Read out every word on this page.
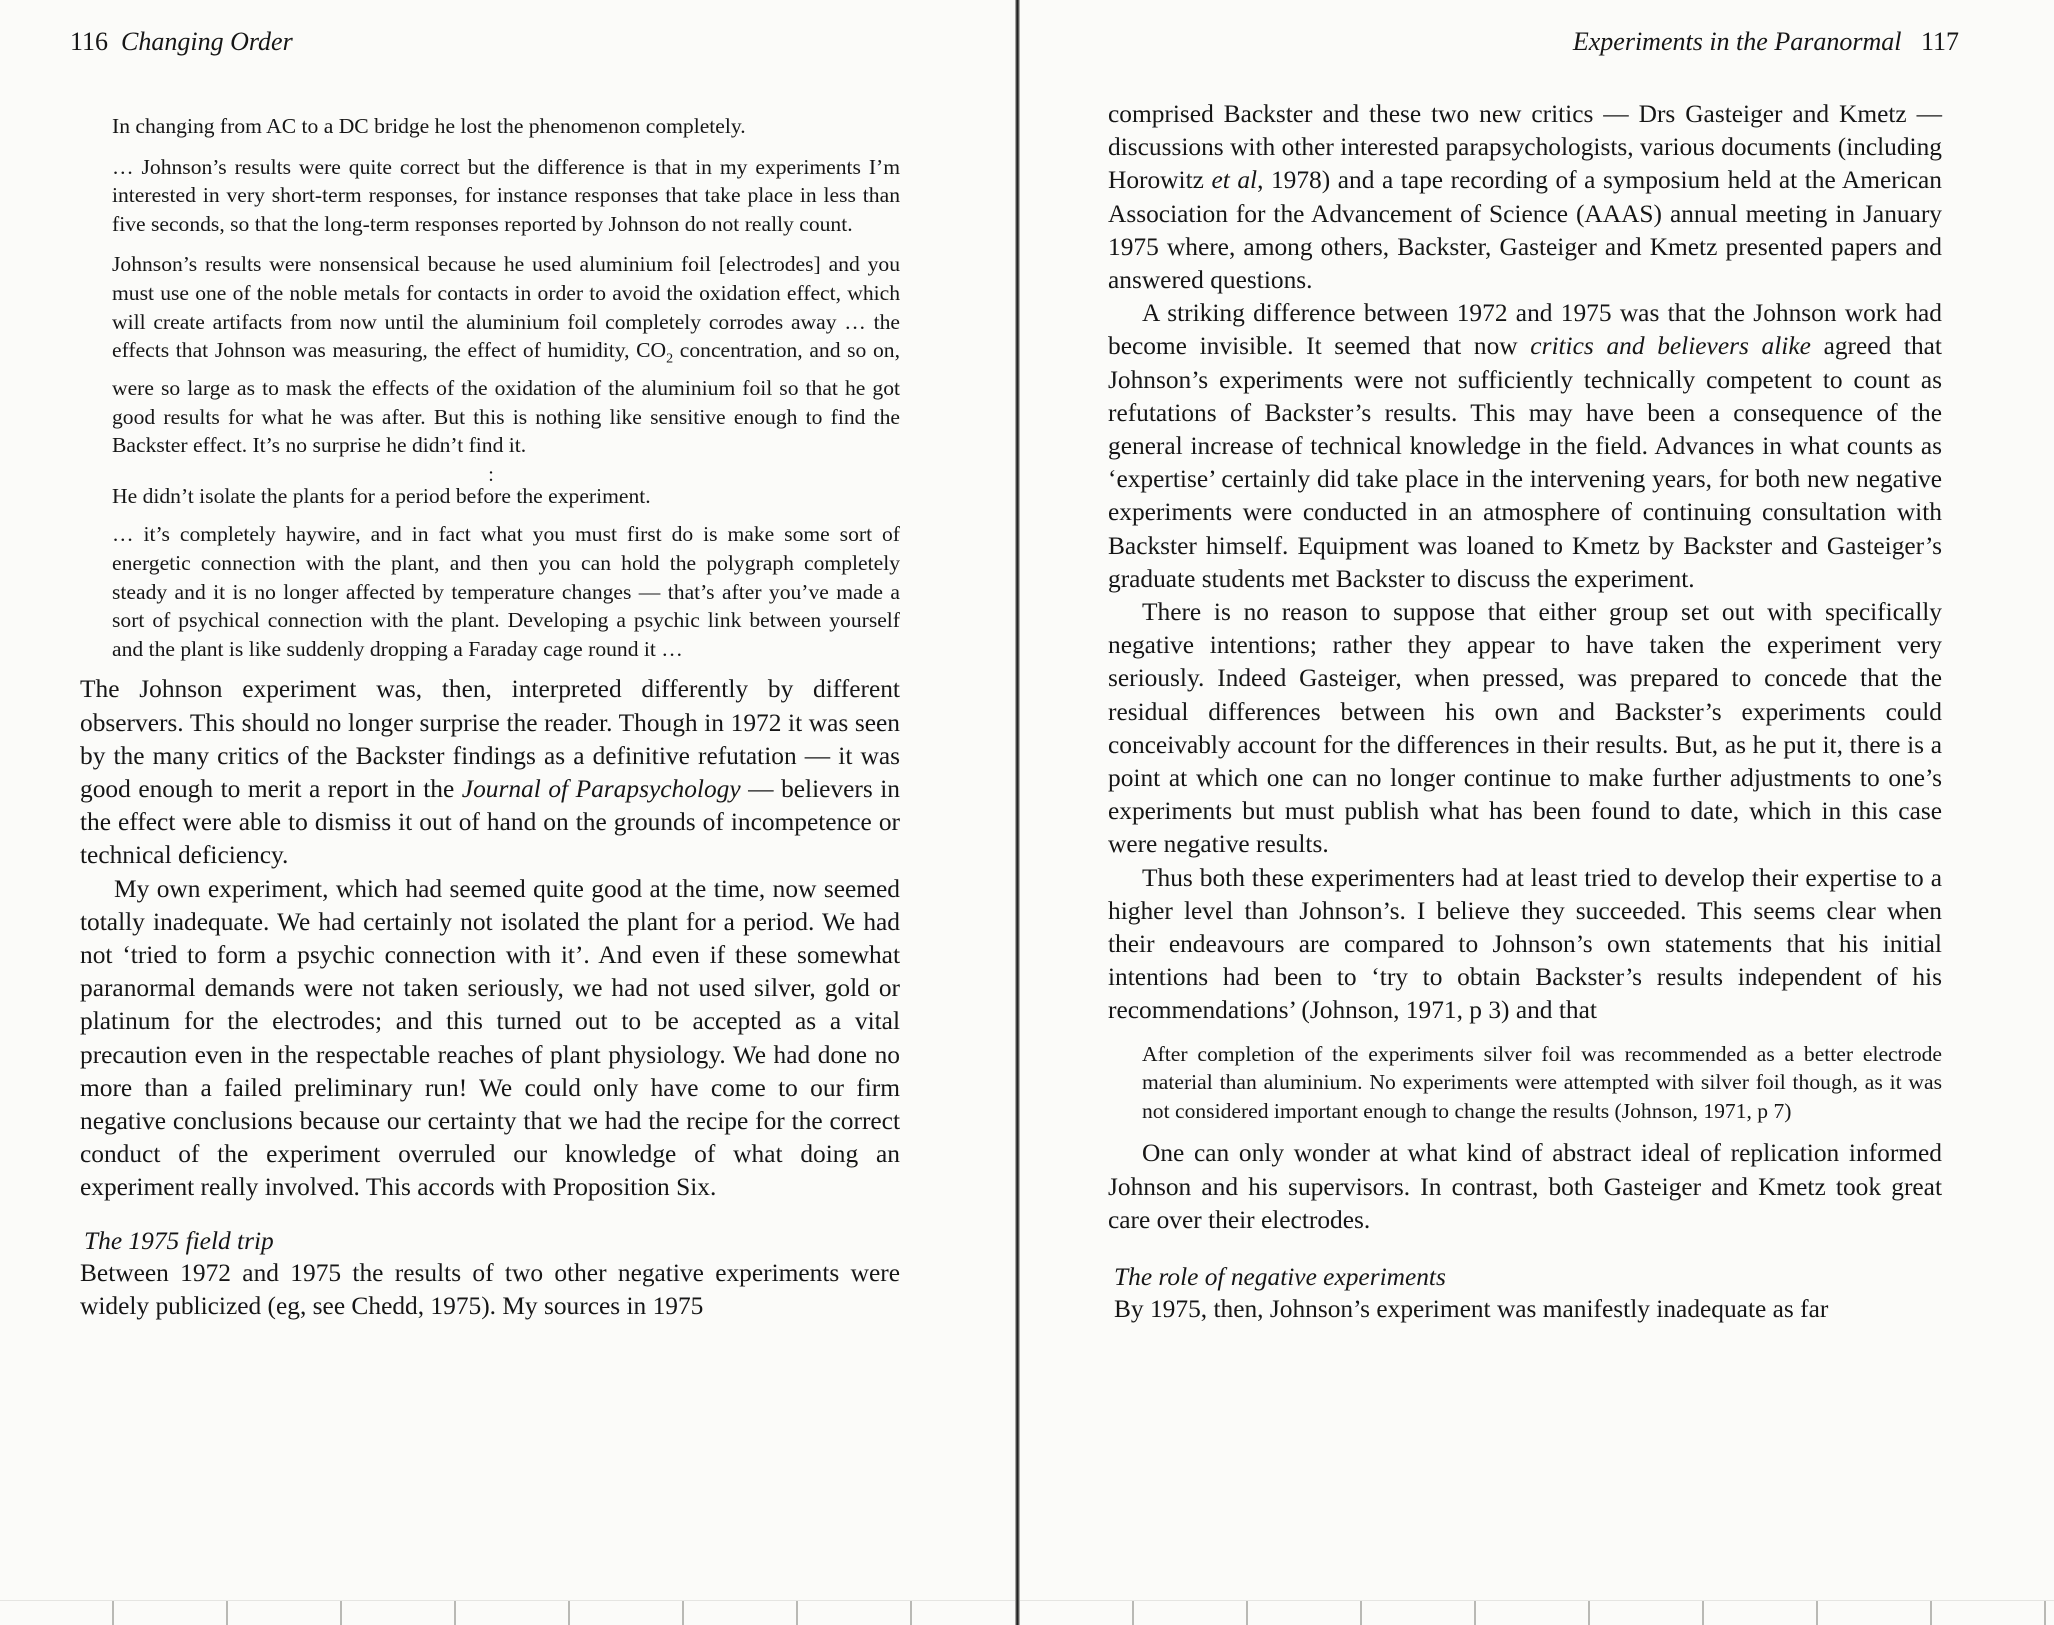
116 Changing Order

In changing from AC to a DC bridge he lost the phenomenon completely.

… Johnson’s results were quite correct but the difference is that in my experiments I’m interested in very short-term responses, for instance responses that take place in less than five seconds, so that the long-term responses reported by Johnson do not really count.

Johnson’s results were nonsensical because he used aluminium foil [electrodes] and you must use one of the noble metals for contacts in order to avoid the oxidation effect, which will create artifacts from now until the aluminium foil completely corrodes away … the effects that Johnson was measuring, the effect of humidity, $CO_2$ concentration, and so on, were so large as to mask the effects of the oxidation of the aluminium foil so that he got good results for what he was after. But this is nothing like sensitive enough to find the Backster effect. It’s no surprise he didn’t find it.

:

He didn’t isolate the plants for a period before the experiment.

… it’s completely haywire, and in fact what you must first do is make some sort of energetic connection with the plant, and then you can hold the polygraph completely steady and it is no longer affected by temperature changes — that’s after you’ve made a sort of psychical connection with the plant. Developing a psychic link between yourself and the plant is like suddenly dropping a Faraday cage round it …

The Johnson experiment was, then, interpreted differently by different observers. This should no longer surprise the reader. Though in 1972 it was seen by the many critics of the Backster findings as a definitive refutation — it was good enough to merit a report in the Journal of Parapsychology — believers in the effect were able to dismiss it out of hand on the grounds of incompetence or technical deficiency.

My own experiment, which had seemed quite good at the time, now seemed totally inadequate. We had certainly not isolated the plant for a period. We had not ‘tried to form a psychic connection with it’. And even if these somewhat paranormal demands were not taken seriously, we had not used silver, gold or platinum for the electrodes; and this turned out to be accepted as a vital precaution even in the respectable reaches of plant physiology. We had done no more than a failed preliminary run! We could only have come to our firm negative conclusions because our certainty that we had the recipe for the correct conduct of the experiment overruled our knowledge of what doing an experiment really involved. This accords with Proposition Six.

The 1975 field trip

Between 1972 and 1975 the results of two other negative experiments were widely publicized (eg, see Chedd, 1975). My sources in 1975

Experiments in the Paranormal 117

comprised Backster and these two new critics — Drs Gasteiger and Kmetz — discussions with other interested parapsychologists, various documents (including Horowitz et al, 1978) and a tape recording of a symposium held at the American Association for the Advancement of Science (AAAS) annual meeting in January 1975 where, among others, Backster, Gasteiger and Kmetz presented papers and answered questions.

A striking difference between 1972 and 1975 was that the Johnson work had become invisible. It seemed that now critics and believers alike agreed that Johnson’s experiments were not sufficiently technically competent to count as refutations of Backster’s results. This may have been a consequence of the general increase of technical knowledge in the field. Advances in what counts as ‘expertise’ certainly did take place in the intervening years, for both new negative experiments were conducted in an atmosphere of continuing consultation with Backster himself. Equipment was loaned to Kmetz by Backster and Gasteiger’s graduate students met Backster to discuss the experiment.

There is no reason to suppose that either group set out with specifically negative intentions; rather they appear to have taken the experiment very seriously. Indeed Gasteiger, when pressed, was prepared to concede that the residual differences between his own and Backster’s experiments could conceivably account for the differences in their results. But, as he put it, there is a point at which one can no longer continue to make further adjustments to one’s experiments but must publish what has been found to date, which in this case were negative results.

Thus both these experimenters had at least tried to develop their expertise to a higher level than Johnson’s. I believe they succeeded. This seems clear when their endeavours are compared to Johnson’s own statements that his initial intentions had been to ‘try to obtain Backster’s results independent of his recommendations’ (Johnson, 1971, p 3) and that

After completion of the experiments silver foil was recommended as a better electrode material than aluminium. No experiments were attempted with silver foil though, as it was not considered important enough to change the results (Johnson, 1971, p 7)

One can only wonder at what kind of abstract ideal of replication informed Johnson and his supervisors. In contrast, both Gasteiger and Kmetz took great care over their electrodes.

The role of negative experiments

By 1975, then, Johnson’s experiment was manifestly inadequate as far
